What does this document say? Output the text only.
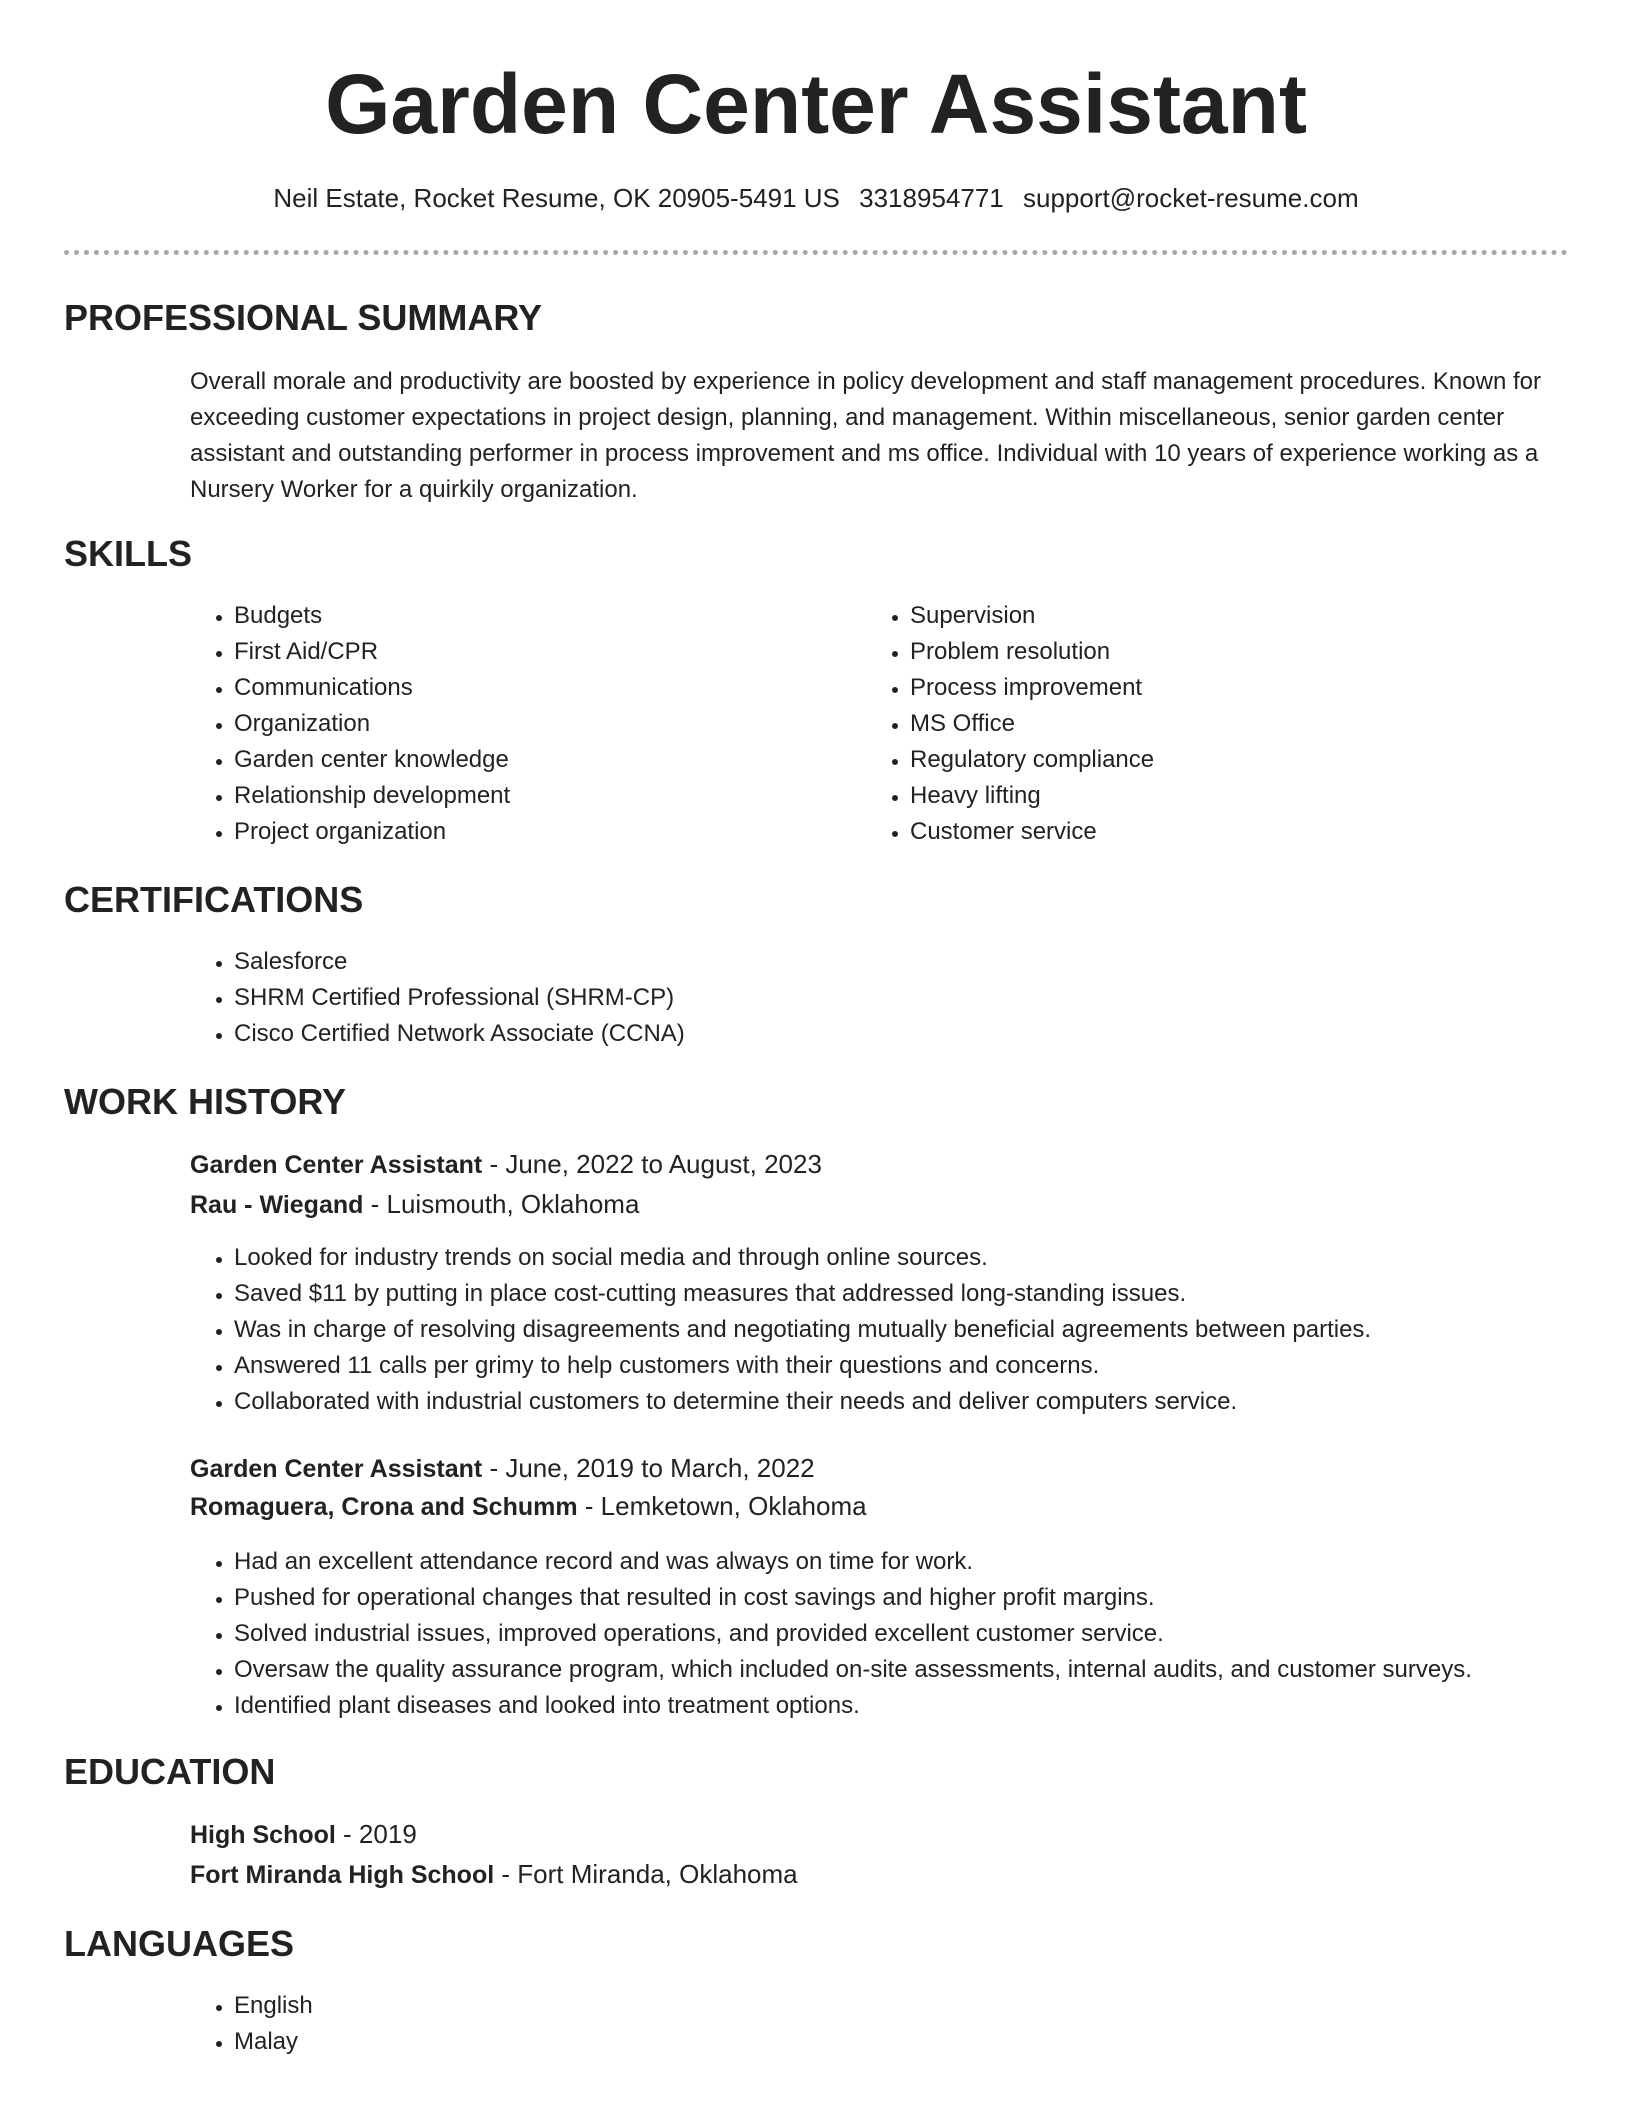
Garden Center Assistant
Neil Estate, Rocket Resume, OK 20905-5491 US 3318954771 support@rocket-resume.com
PROFESSIONAL SUMMARY

Overall morale and productivity are boosted by experience in policy development and staff management procedures. Known for exceeding customer expectations in project design, planning, and management. Within miscellaneous, senior garden center assistant and outstanding performer in process improvement and ms office. Individual with 10 years of experience working as a Nursery Worker for a quirkily organization.

SKILLS
• Budgets
• First Aid/CPR
• Communications
• Organization
• Garden center knowledge
• Relationship development
• Project organization
• Supervision
• Problem resolution
• Process improvement
• MS Office
• Regulatory compliance
• Heavy lifting
• Customer service
CERTIFICATIONS
• Salesforce
• SHRM Certified Professional (SHRM-CP)
• Cisco Certified Network Associate (CCNA)
WORK HISTORY
Garden Center Assistant - June, 2022 to August, 2023
Rau - Wiegand - Luismouth, Oklahoma
• Looked for industry trends on social media and through online sources.
• Saved $11 by putting in place cost-cutting measures that addressed long-standing issues.
• Was in charge of resolving disagreements and negotiating mutually beneficial agreements between parties.
• Answered 11 calls per grimy to help customers with their questions and concerns.
• Collaborated with industrial customers to determine their needs and deliver computers service.
Garden Center Assistant - June, 2019 to March, 2022
Romaguera, Crona and Schumm - Lemketown, Oklahoma
• Had an excellent attendance record and was always on time for work.
• Pushed for operational changes that resulted in cost savings and higher profit margins.
• Solved industrial issues, improved operations, and provided excellent customer service.
• Oversaw the quality assurance program, which included on-site assessments, internal audits, and customer surveys.
• Identified plant diseases and looked into treatment options.
EDUCATION
High School - 2019
Fort Miranda High School - Fort Miranda, Oklahoma
LANGUAGES
• English
• Malay
